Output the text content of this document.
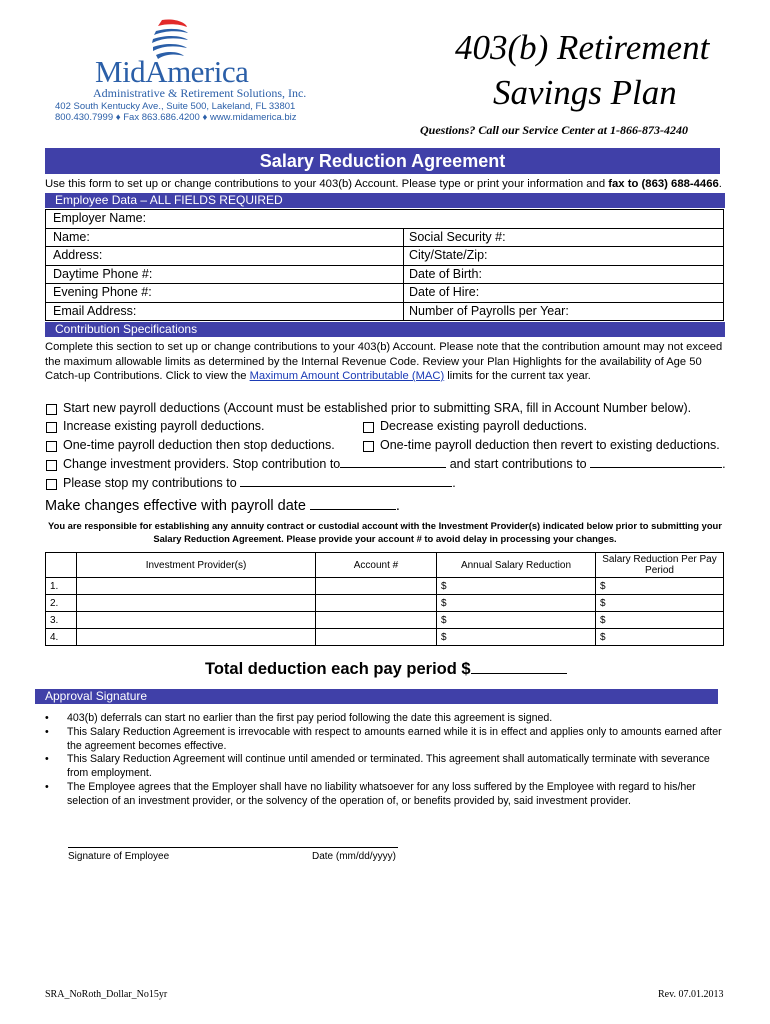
MidAmerica
Administrative & Retirement Solutions, Inc.
402 South Kentucky Ave., Suite 500, Lakeland, FL 33801
800.430.7999 ♦ Fax 863.686.4200 ♦ www.midamerica.biz
403(b) Retirement
Savings Plan
Questions? Call our Service Center at 1-866-873-4240
Salary Reduction Agreement
Use this form to set up or change contributions to your 403(b) Account. Please type or print your information and fax to (863) 688-4466.
Employee Data – ALL FIELDS REQUIRED
Employer Name:
Name:	Social Security #:
Address:	City/State/Zip:
Daytime Phone #:	Date of Birth:
Evening Phone #:	Date of Hire:
Email Address:	Number of Payrolls per Year:
Contribution Specifications
Complete this section to set up or change contributions to your 403(b) Account. Please note that the contribution amount may not exceed the maximum allowable limits as determined by the Internal Revenue Code. Review your Plan Highlights for the availability of Age 50 Catch-up Contributions. Click to view the Maximum Amount Contributable (MAC) limits for the current tax year.
Start new payroll deductions (Account must be established prior to submitting SRA, fill in Account Number below).
Increase existing payroll deductions.	Decrease existing payroll deductions.
One-time payroll deduction then stop deductions.	One-time payroll deduction then revert to existing deductions.
Change investment providers. Stop contribution to	and start contributions to	.
Please stop my contributions to	.
Make changes effective with payroll date	.
You are responsible for establishing any annuity contract or custodial account with the Investment Provider(s) indicated below prior to submitting your Salary Reduction Agreement. Please provide your account # to avoid delay in processing your changes.
	Investment Provider(s)	Account #	Annual Salary Reduction	Salary Reduction Per Pay Period
1.			$	$
2.			$	$
3.			$	$
4.			$	$
Total deduction each pay period $
Approval Signature
• 403(b) deferrals can start no earlier than the first pay period following the date this agreement is signed.
• This Salary Reduction Agreement is irrevocable with respect to amounts earned while it is in effect and applies only to amounts earned after the agreement becomes effective.
• This Salary Reduction Agreement will continue until amended or terminated. This agreement shall automatically terminate with severance from employment.
• The Employee agrees that the Employer shall have no liability whatsoever for any loss suffered by the Employee with regard to his/her selection of an investment provider, or the solvency of the operation of, or benefits provided by, said investment provider.
Signature of Employee	Date (mm/dd/yyyy)
SRA_NoRoth_Dollar_No15yr	Rev. 07.01.2013
